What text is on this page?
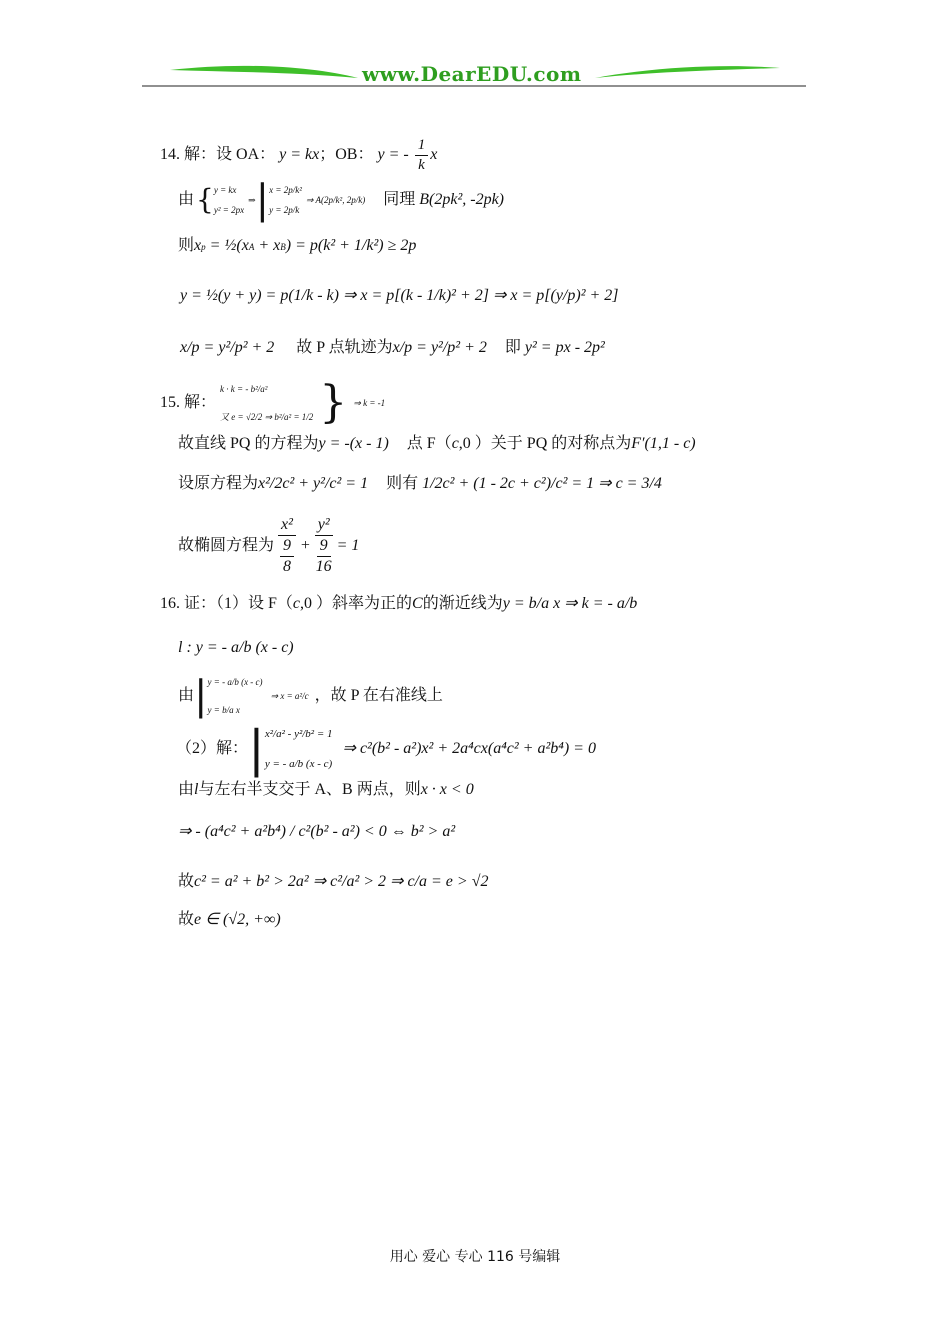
www.DearEDU.com
14. 解：设 OA： y = kx；OB： y = - $\frac{1}{k}$ x
由 { y = kx
y² = 2px
⇒ | x = 2p/k²
y = 2p/k
⇒ A(2p/k², 2p/k) 同理 B(2pk², -2pk)
则xp = ½(xA + xB) = p(k² + 1/k²) ≥ 2p
y = ½(y + y) = p(1/k - k) ⇒ x = p[(k - 1/k)² + 2] ⇒ x = p[(y/p)² + 2]
x/p = y²/p² + 2 故 P 点轨迹为x/p = y²/p² + 2 即 y² = px - 2p²
15. 解：
k · k = - b²/a²
又 e = √2/2 ⇒ b²/a² = 1/2 } ⇒ k = -1
故直线 PQ 的方程为y = -(x - 1) 点 F（c,0 ）关于 PQ 的对称点为F′(1,1 - c)
设原方程为x²/2c² + y²/c² = 1 则有 1/2c² + (1 - 2c + c²)/c² = 1 ⇒ c = 3/4
故椭圆方程为
x²
9
8
+
y²
9
16
= 1
16. 证：（1）设 F（c,0 ）斜率为正的C的渐近线为y = b/a x ⇒ k = - a/b
l : y = - a/b (x - c)
由 | y = - a/b (x - c)
y = b/a x
⇒ x = a²/c ，故 P 在右准线上
（2）解： | x²/a² - y²/b² = 1
y = - a/b (x - c)
⇒ c²(b² - a²)x² + 2a⁴cx(a⁴c² + a²b⁴) = 0
由l与左右半支交于 A、B 两点，则x · x < 0
⇒ - (a⁴c² + a²b⁴) / c²(b² - a²) < 0 ⇔ b² > a²
故c² = a² + b² > 2a² ⇒ c²/a² > 2 ⇒ c/a = e > √2
故e ∈ (√2, +∞)
用心 爱心 专心 116 号编辑
